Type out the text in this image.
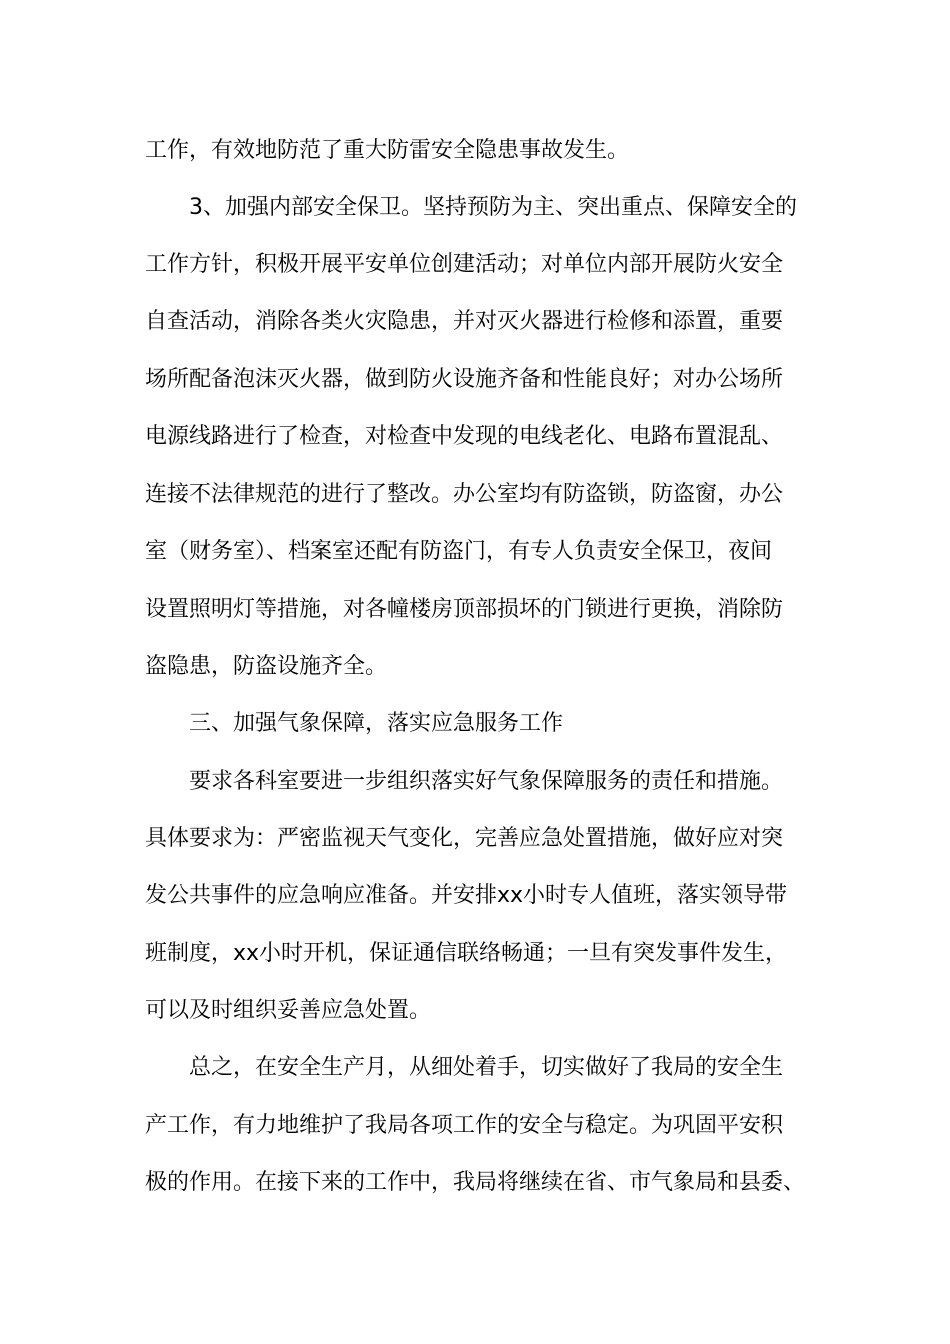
工作，有效地防范了重大防雷安全隐患事故发生。
3、加强内部安全保卫。坚持预防为主、突出重点、保障安全的
工作方针，积极开展平安单位创建活动；对单位内部开展防火安全
自查活动，消除各类火灾隐患，并对灭火器进行检修和添置，重要
场所配备泡沫灭火器，做到防火设施齐备和性能良好；对办公场所
电源线路进行了检查，对检查中发现的电线老化、电路布置混乱、
连接不法律规范的进行了整改。办公室均有防盗锁，防盗窗，办公
室（财务室）、档案室还配有防盗门，有专人负责安全保卫，夜间
设置照明灯等措施，对各幢楼房顶部损坏的门锁进行更换，消除防
盗隐患，防盗设施齐全。
三、加强气象保障，落实应急服务工作
要求各科室要进一步组织落实好气象保障服务的责任和措施。
具体要求为：严密监视天气变化，完善应急处置措施，做好应对突
发公共事件的应急响应准备。并安排xx小时专人值班，落实领导带
班制度，xx小时开机，保证通信联络畅通；一旦有突发事件发生，
可以及时组织妥善应急处置。
总之，在安全生产月，从细处着手，切实做好了我局的安全生
产工作，有力地维护了我局各项工作的安全与稳定。为巩固平安积
极的作用。在接下来的工作中，我局将继续在省、市气象局和县委、
